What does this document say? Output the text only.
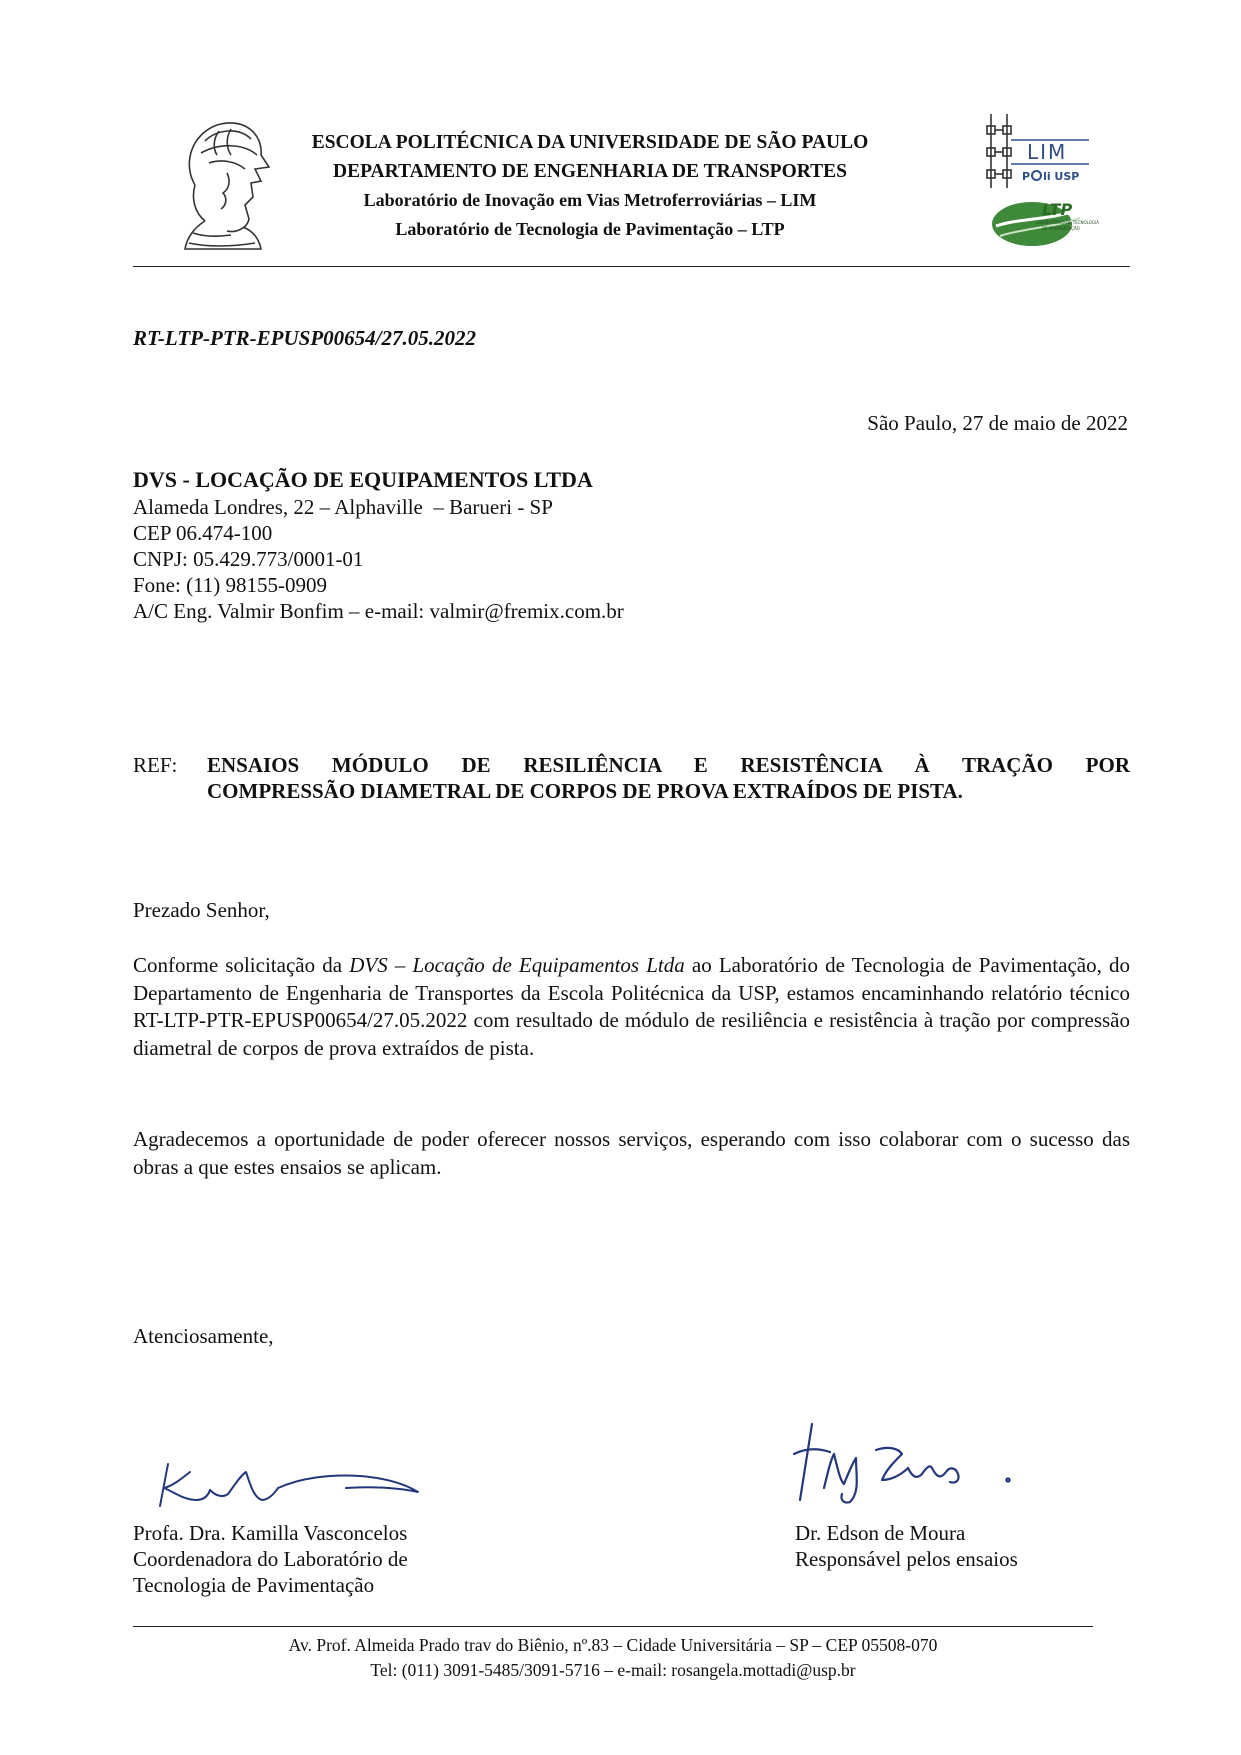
ESCOLA POLITÉCNICA DA UNIVERSIDADE DE SÃO PAULO
DEPARTAMENTO DE ENGENHARIA DE TRANSPORTES
Laboratório de Inovação em Vias Metroferroviárias – LIM
Laboratório de Tecnologia de Pavimentação – LTP
LIM
P li USP
LTP
LABORATÓRIO DE TECNOLOGIA
DE PAVIMENTAÇÃO
RT-LTP-PTR-EPUSP00654/27.05.2022
São Paulo, 27 de maio de 2022
DVS - LOCAÇÃO DE EQUIPAMENTOS LTDA
Alameda Londres, 22 – Alphaville  – Barueri - SP
CEP 06.474-100
CNPJ: 05.429.773/0001-01
Fone: (11) 98155-0909
A/C Eng. Valmir Bonfim – e-mail: valmir@fremix.com.br
REF: ENSAIOS MÓDULO DE RESILIÊNCIA E RESISTÊNCIA À TRAÇÃO POR
COMPRESSÃO DIAMETRAL DE CORPOS DE PROVA EXTRAÍDOS DE PISTA.
Prezado Senhor,
Conforme solicitação da DVS – Locação de Equipamentos Ltda ao Laboratório de Tecnologia de Pavimentação, do Departamento de Engenharia de Transportes da Escola Politécnica da USP, estamos encaminhando relatório técnico RT-LTP-PTR-EPUSP00654/27.05.2022 com resultado de módulo de resiliência e resistência à tração por compressão diametral de corpos de prova extraídos de pista.
Agradecemos a oportunidade de poder oferecer nossos serviços, esperando com isso colaborar com o sucesso das obras a que estes ensaios se aplicam.
Atenciosamente,
Profa. Dra. Kamilla Vasconcelos
Coordenadora do Laboratório de
Tecnologia de Pavimentação
Dr. Edson de Moura
Responsável pelos ensaios
Av. Prof. Almeida Prado trav do Biênio, nº.83 – Cidade Universitária – SP – CEP 05508-070
Tel: (011) 3091-5485/3091-5716 – e-mail: rosangela.mottadi@usp.br
